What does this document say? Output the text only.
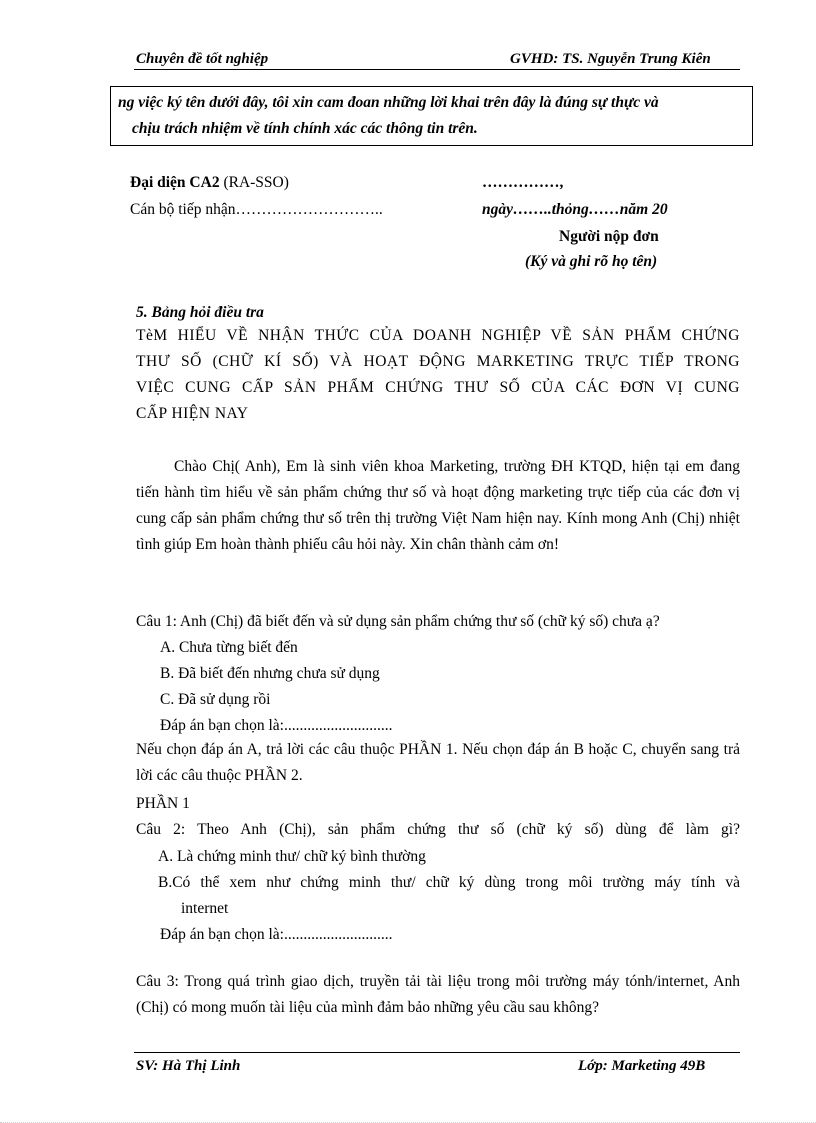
Chuyên đề tốt nghiệp	GVHD: TS. Nguyễn Trung Kiên

ng việc ký tên dưới đây, tôi xin cam đoan những lời khai trên đây là đúng sự thực và

chịu trách nhiệm về tính chính xác các thông tin trên.

Đại diện CA2 (RA-SSO)
Cán bộ tiếp nhận………………………..
……………,
ngày……..thỏng……năm 20
Người nộp đơn
(Ký và ghi rõ họ tên)
5. Bảng hỏi điều tra
TèM HIỂU VỀ NHẬN THỨC CỦA DOANH NGHIỆP VỀ SẢN PHẨM CHỨNG
THƯ SỐ (CHỮ KÍ SỐ) VÀ HOẠT ĐỘNG MARKETING TRỰC TIẾP TRONG
VIỆC CUNG CẤP SẢN PHẨM CHỨNG THƯ SỐ CỦA CÁC ĐƠN VỊ CUNG
CẤP HIỆN NAY
Chào Chị( Anh), Em là sinh viên khoa Marketing, trường ĐH KTQD, hiện tại em đang tiến hành tìm hiểu về sản phẩm chứng thư số và hoạt động marketing trực tiếp của các đơn vị cung cấp sản phẩm chứng thư số trên thị trường Việt Nam hiện nay. Kính mong Anh (Chị) nhiệt tình giúp Em hoàn thành phiếu câu hỏi này. Xin chân thành cảm ơn!
Câu 1: Anh (Chị) đã biết đến và sử dụng sản phẩm chứng thư số (chữ ký số) chưa ạ?
A. Chưa từng biết đến
B. Đã biết đến nhưng chưa sử dụng
C. Đã sử dụng rồi
Đáp án bạn chọn là:............................
Nếu chọn đáp án A, trả lời các câu thuộc PHẦN 1. Nếu chọn đáp án B hoặc C, chuyển sang trả lời các câu thuộc PHẦN 2.
PHẦN 1
Câu 2: Theo Anh (Chị), sản phẩm chứng thư số (chữ ký số) dùng để làm gì?
A. Là chứng minh thư/ chữ ký bình thường
B.Có thể xem như chứng minh thư/ chữ ký dùng trong môi trường máy tính và
internet
Đáp án bạn chọn là:............................
Câu 3: Trong quá trình giao dịch, truyền tải tài liệu trong môi trường máy tónh/internet, Anh (Chị) có mong muốn tài liệu của mình đảm bảo những yêu cầu sau không?
SV: Hà Thị Linh	Lớp: Marketing 49B
